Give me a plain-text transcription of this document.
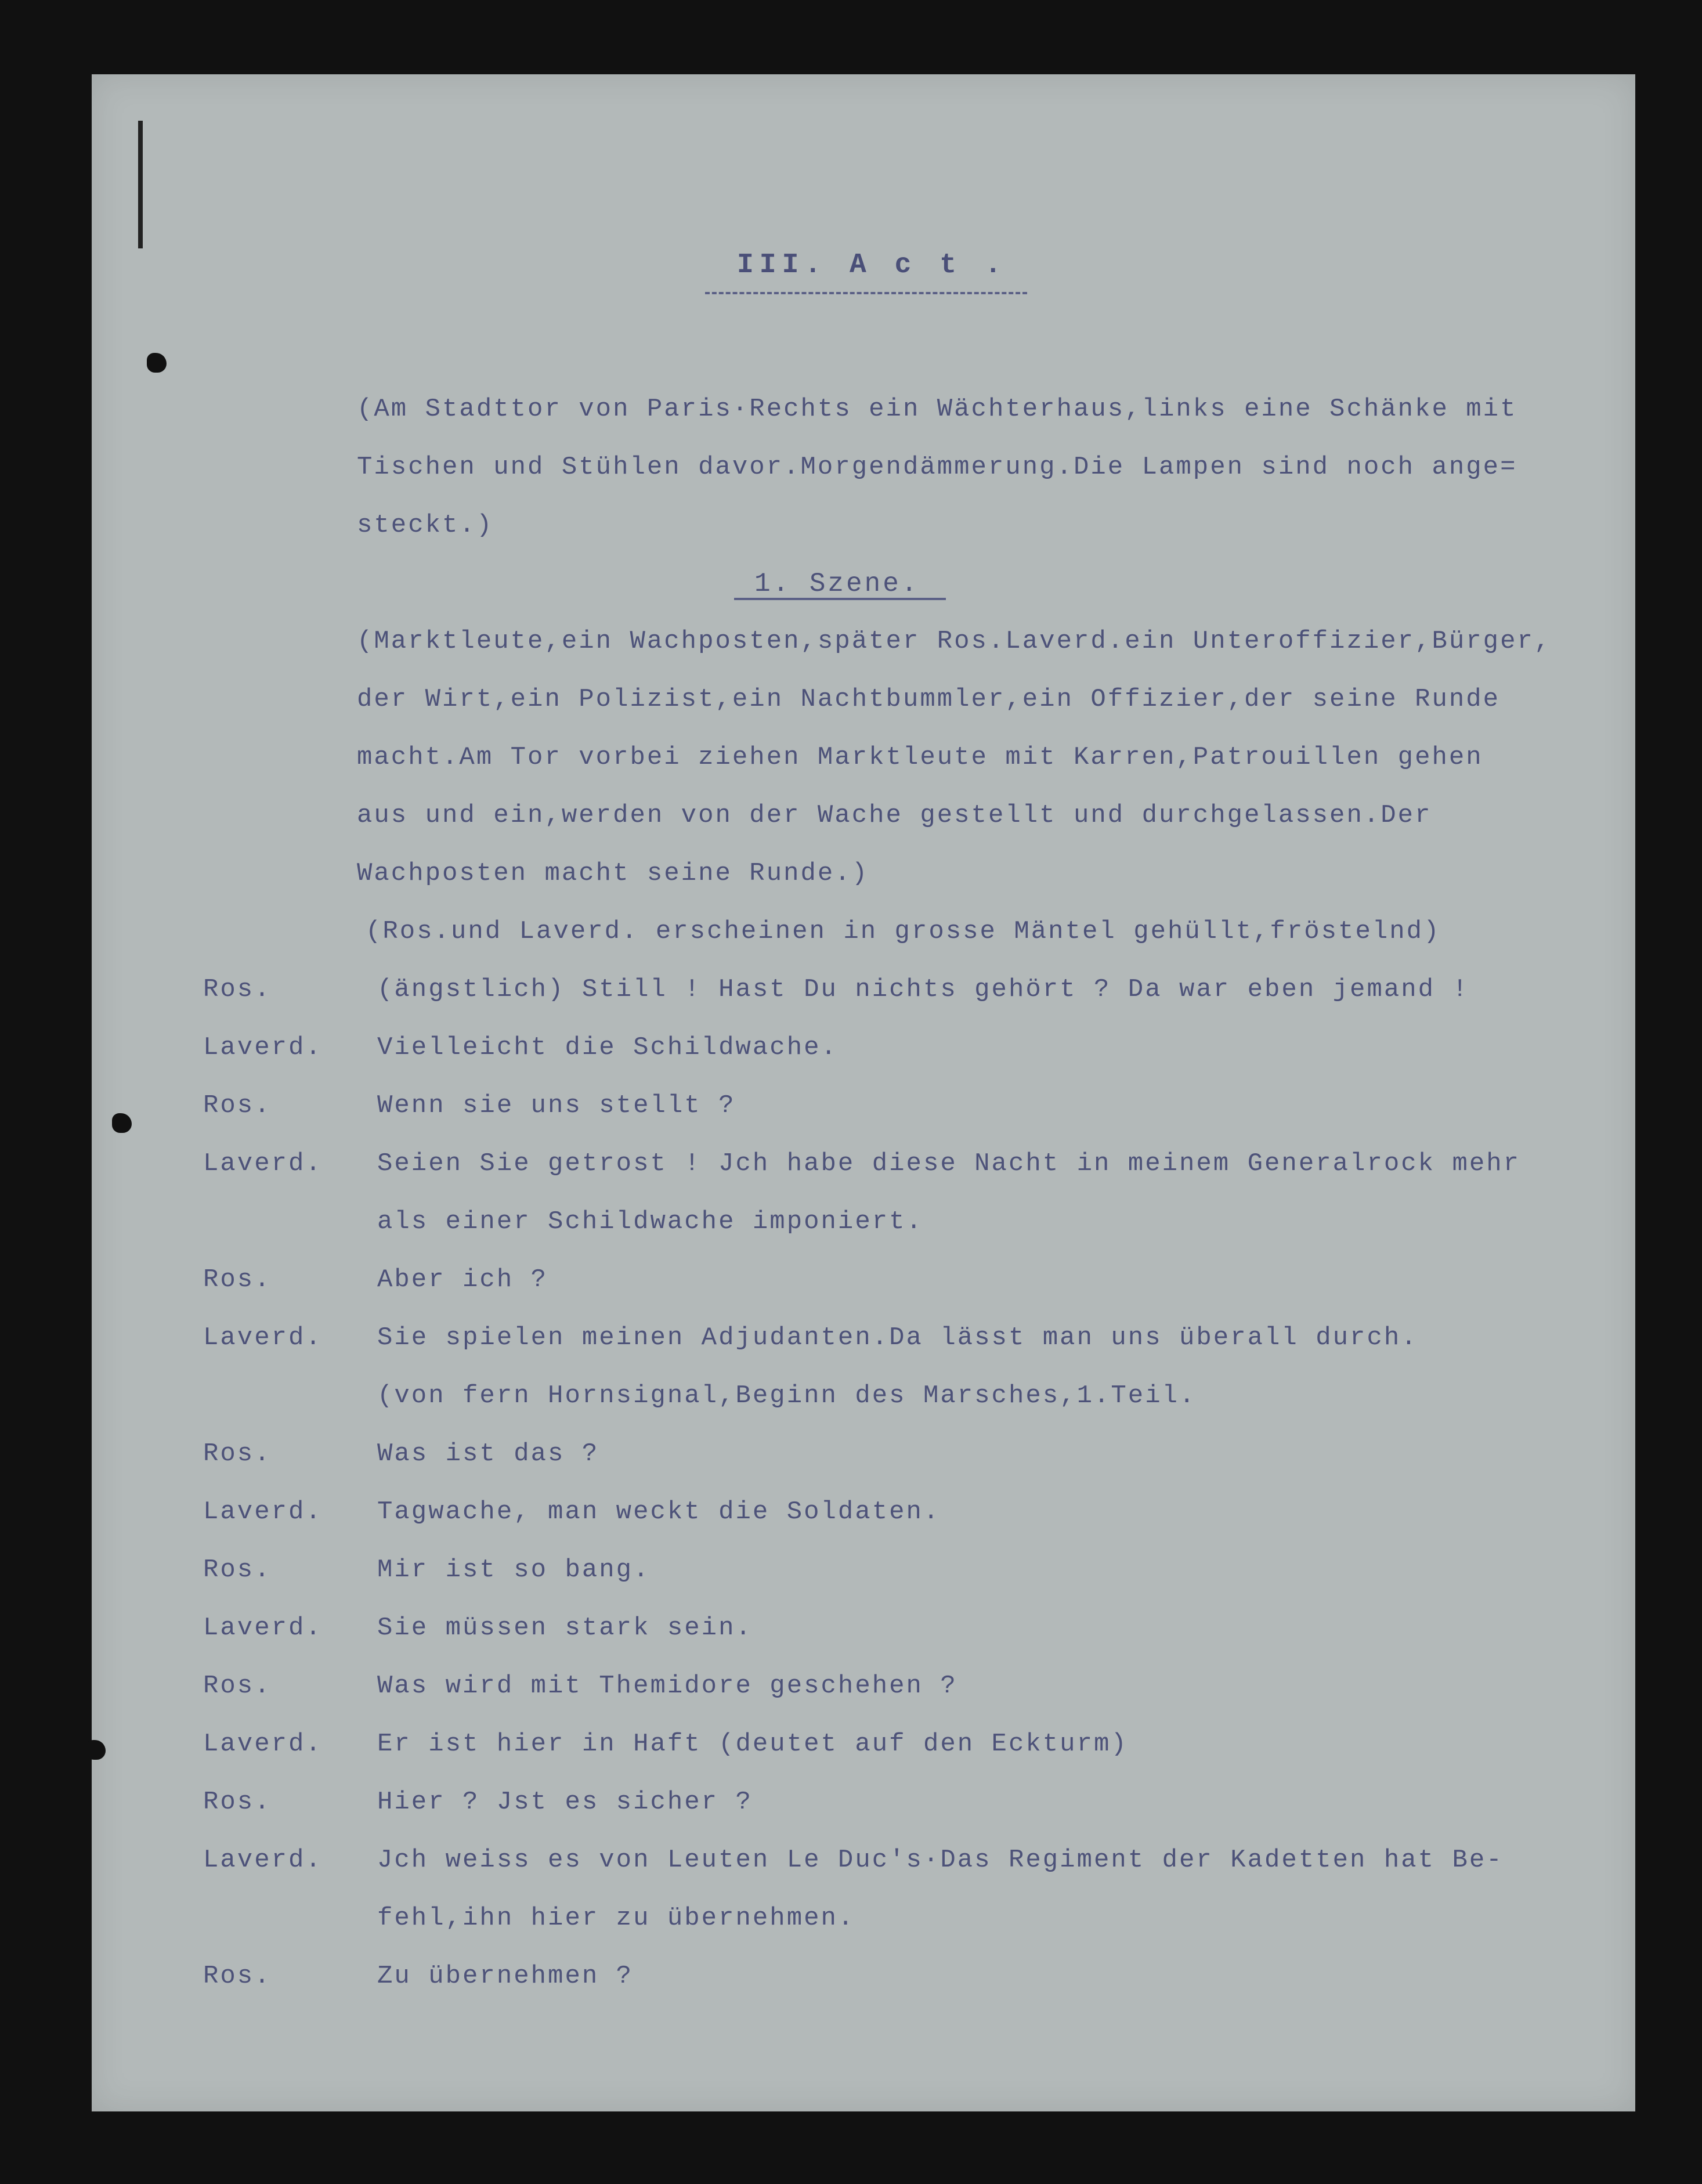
III. A c t .
(Am Stadttor von Paris·Rechts ein Wächterhaus,links eine Schänke mit
Tischen und Stühlen davor.Morgendämmerung.Die Lampen sind noch ange=
steckt.)
1. Szene.
(Marktleute,ein Wachposten,später Ros.Laverd.ein Unteroffizier,Bürger,
der Wirt,ein Polizist,ein Nachtbummler,ein Offizier,der seine Runde
macht.Am Tor vorbei ziehen Marktleute mit Karren,Patrouillen gehen
aus und ein,werden von der Wache gestellt und durchgelassen.Der
Wachposten macht seine Runde.)
(Ros.und Laverd. erscheinen in grosse Mäntel gehüllt,fröstelnd)
Ros.	(ängstlich) Still ! Hast Du nichts gehört ? Da war eben jemand !
Laverd. Vielleicht die Schildwache.
Ros.	Wenn sie uns stellt ?
Laverd. Seien Sie getrost ! Jch habe diese Nacht in meinem Generalrock mehr
als einer Schildwache imponiert.
Ros.	Aber ich ?
Laverd. Sie spielen meinen Adjudanten.Da lässt man uns überall durch.
(von fern Hornsignal,Beginn des Marsches,1.Teil.
Ros.	Was ist das ?
Laverd. Tagwache, man weckt die Soldaten.
Ros.	Mir ist so bang.
Laverd. Sie müssen stark sein.
Ros.	Was wird mit Themidore geschehen ?
Laverd. Er ist hier in Haft (deutet auf den Eckturm)
Ros.	Hier ? Jst es sicher ?
Laverd. Jch weiss es von Leuten Le Duc's·Das Regiment der Kadetten hat Be-
fehl,ihn hier zu übernehmen.
Ros.	Zu übernehmen ?
